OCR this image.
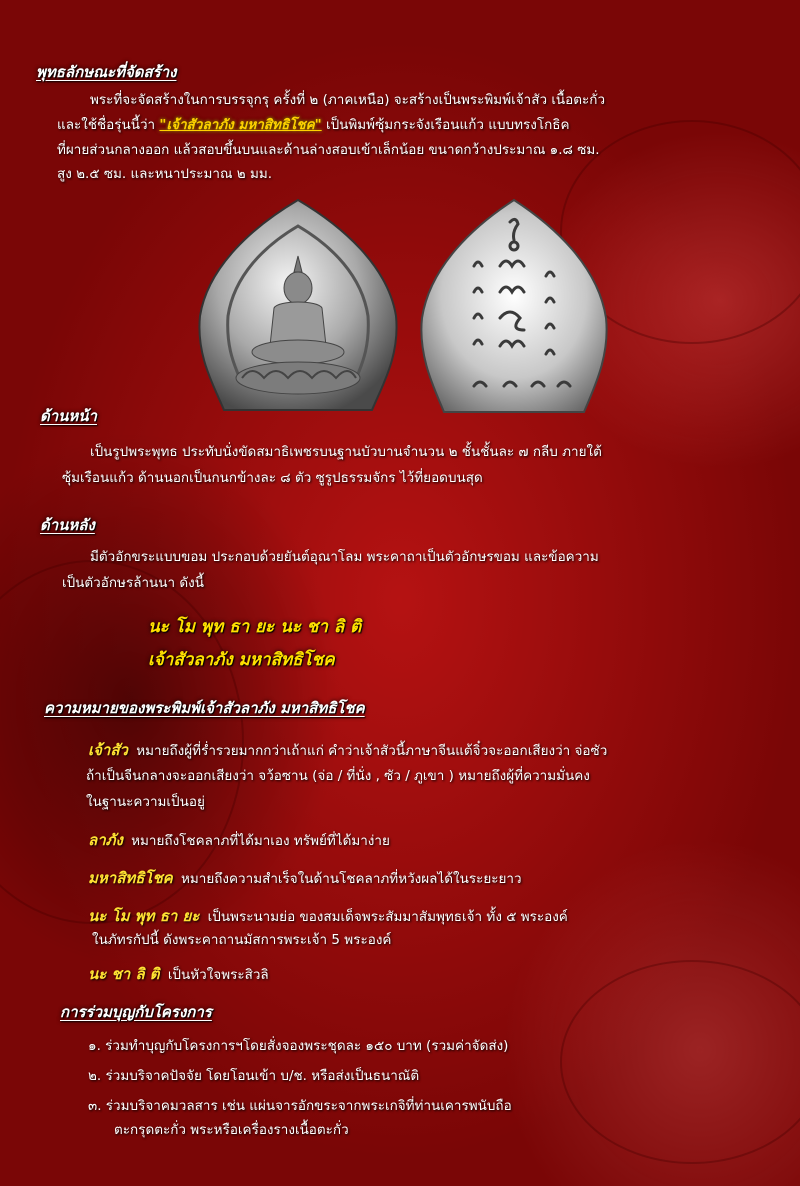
พุทธลักษณะที่จัดสร้าง

พระที่จะจัดสร้างในการบรรจุกรุ ครั้งที่ ๒ (ภาคเหนือ) จะสร้างเป็นพระพิมพ์เจ้าสัว เนื้อตะกั่ว

และใช้ชื่อรุ่นนี้ว่า "เจ้าสัวลาภัง มหาสิทธิโชค" เป็นพิมพ์ซุ้มกระจังเรือนแก้ว แบบทรงโกธิค

ที่ผายส่วนกลางออก แล้วสอบขึ้นบนและด้านล่างสอบเข้าเล็กน้อย ขนาดกว้างประมาณ ๑.๘ ซม.

สูง ๒.๕ ซม. และหนาประมาณ ๒ มม.

ด้านหน้า

เป็นรูปพระพุทธ ประทับนั่งขัดสมาธิเพชรบนฐานบัวบานจำนวน ๒ ชั้นชั้นละ ๗ กลีบ ภายใต้

ซุ้มเรือนแก้ว ด้านนอกเป็นกนกข้างละ ๘ ตัว ซูรูปธรรมจักร ไว้ที่ยอดบนสุด

ด้านหลัง

มีตัวอักขระแบบขอม ประกอบด้วยยันต์อุณาโลม พระคาถาเป็นตัวอักษรขอม และข้อความ

เป็นตัวอักษรล้านนา ดังนี้

นะ โม พุท ธา ยะ นะ ชา ลิ ติ
เจ้าสัวลาภัง มหาสิทธิโชค
ความหมายของพระพิมพ์เจ้าสัวลาภัง มหาสิทธิโชค
เจ้าสัว หมายถึงผู้ที่ร่ำรวยมากกว่าเถ้าแก่ คำว่าเจ้าสัวนี้ภาษาจีนแต้จิ๋วจะออกเสียงว่า จ่อซัว
ถ้าเป็นจีนกลางจะออกเสียงว่า จว้อซาน (จ่อ / ที่นั่ง , ซัว / ภูเขา ) หมายถึงผู้ที่ความมั่นคง
ในฐานะความเป็นอยู่
ลาภัง หมายถึงโชคลาภที่ได้มาเอง ทรัพย์ที่ได้มาง่าย
มหาสิทธิโชค หมายถึงความสำเร็จในด้านโชคลาภที่หวังผลได้ในระยะยาว
นะ โม พุท ธา ยะ เป็นพระนามย่อ ของสมเด็จพระสัมมาสัมพุทธเจ้า ทั้ง ๕ พระองค์
ในภัทรกัปนี้ ดังพระคาถานมัสการพระเจ้า 5 พระองค์
นะ ชา ลิ ติ เป็นหัวใจพระสิวลิ
การร่วมบุญกับโครงการ
๑. ร่วมทำบุญกับโครงการฯโดยสั่งจองพระชุดละ ๑๕๐ บาท (รวมค่าจัดส่ง)
๒. ร่วมบริจาคปัจจัย โดยโอนเข้า บ/ช. หรือส่งเป็นธนาณัติ
๓. ร่วมบริจาคมวลสาร เช่น แผ่นจารอักขระจากพระเกจิที่ท่านเคารพนับถือ
ตะกรุดตะกั่ว พระหรือเครื่องรางเนื้อตะกั่ว
